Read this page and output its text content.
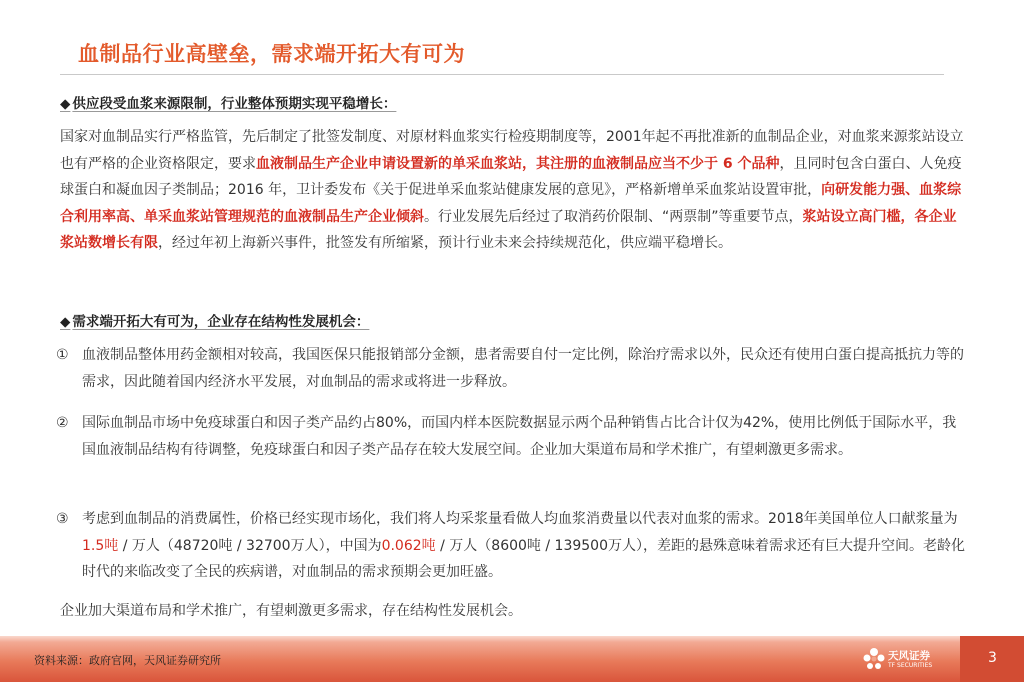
血制品行业高壁垒，需求端开拓大有可为
◆ 供应段受血浆来源限制，行业整体预期实现平稳增长：
国家对血制品实行严格监管，先后制定了批签发制度、对原材料血浆实行检疫期制度等，2001年起不再批准新的血制品企业，对血浆来源浆站设立也有严格的企业资格限定，要求血液制品生产企业申请设置新的单采血浆站，其注册的血液制品应当不少于 6 个品种，且同时包含白蛋白、人免疫球蛋白和凝血因子类制品；2016 年，卫计委发布《关于促进单采血浆站健康发展的意见》，严格新增单采血浆站设置审批，向研发能力强、血浆综合利用率高、单采血浆站管理规范的血液制品生产企业倾斜。行业发展先后经过了取消药价限制、“两票制”等重要节点，浆站设立高门槛，各企业浆站数增长有限，经过年初上海新兴事件，批签发有所缩紧，预计行业未来会持续规范化，供应端平稳增长。
◆ 需求端开拓大有可为，企业存在结构性发展机会：
① 血液制品整体用药金额相对较高，我国医保只能报销部分金额，患者需要自付一定比例，除治疗需求以外，民众还有使用白蛋白提高抵抗力等的需求，因此随着国内经济水平发展，对血制品的需求或将进一步释放。
② 国际血制品市场中免疫球蛋白和因子类产品约占80%，而国内样本医院数据显示两个品种销售占比合计仅为42%，使用比例低于国际水平，我国血液制品结构有待调整，免疫球蛋白和因子类产品存在较大发展空间。企业加大渠道布局和学术推广，有望刺激更多需求。
③ 考虑到血制品的消费属性，价格已经实现市场化，我们将人均采浆量看做人均血浆消费量以代表对血浆的需求。2018年美国单位人口献浆量为1.5吨 / 万人（48720吨 / 32700万人），中国为0.062吨 / 万人（8600吨 / 139500万人），差距的悬殊意味着需求还有巨大提升空间。老龄化时代的来临改变了全民的疾病谱，对血制品的需求预期会更加旺盛。
企业加大渠道布局和学术推广，有望刺激更多需求，存在结构性发展机会。
资料来源：政府官网，天风证券研究所	天风证券
TF SECURITIES	3
